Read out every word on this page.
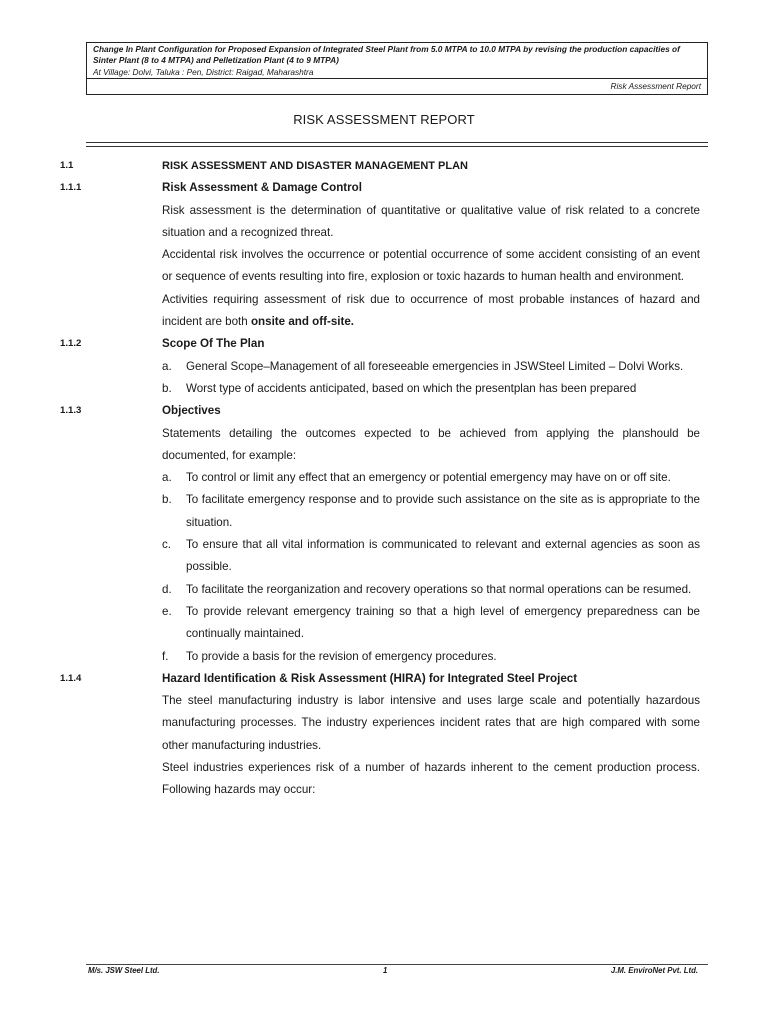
Change In Plant Configuration for Proposed Expansion of Integrated Steel Plant from 5.0 MTPA to 10.0 MTPA by revising the production capacities of
Sinter Plant (8 to 4 MTPA) and Pelletization Plant (4 to 9 MTPA)
At Village: Dolvi, Taluka : Pen, District: Raigad, Maharashtra
Risk Assessment Report
RISK ASSESSMENT REPORT
1.1	RISK ASSESSMENT AND DISASTER MANAGEMENT PLAN
1.1.1	Risk Assessment & Damage Control

Risk assessment is the determination of quantitative or qualitative value of risk related to a concrete situation and a recognized threat.

Accidental risk involves the occurrence or potential occurrence of some accident consisting of an event or sequence of events resulting into fire, explosion or toxic hazards to human health and environment.

Activities requiring assessment of risk due to occurrence of most probable instances of hazard and incident are both onsite and off-site.

1.1.2	Scope Of The Plan
a.	General Scope–Management of all foreseeable emergencies in JSWSteel Limited – Dolvi Works.
b.	Worst type of accidents anticipated, based on which the presentplan has been prepared
1.1.3	Objectives

Statements detailing the outcomes expected to be achieved from applying the planshould be documented, for example:

a.	To control or limit any effect that an emergency or potential emergency may have on or off site.
b.	To facilitate emergency response and to provide such assistance on the site as is appropriate to the situation.
c.	To ensure that all vital information is communicated to relevant and external agencies as soon as possible.
d.	To facilitate the reorganization and recovery operations so that normal operations can be resumed.
e.	To provide relevant emergency training so that a high level of emergency preparedness can be continually maintained.
f.	To provide a basis for the revision of emergency procedures.
1.1.4	Hazard Identification & Risk Assessment (HIRA) for Integrated Steel Project

The steel manufacturing industry is labor intensive and uses large scale and potentially hazardous manufacturing processes. The industry experiences incident rates that are high compared with some other manufacturing industries.

Steel industries experiences risk of a number of hazards inherent to the cement production process. Following hazards may occur:

M/s. JSW Steel Ltd.	1	J.M. EnviroNet Pvt. Ltd.
